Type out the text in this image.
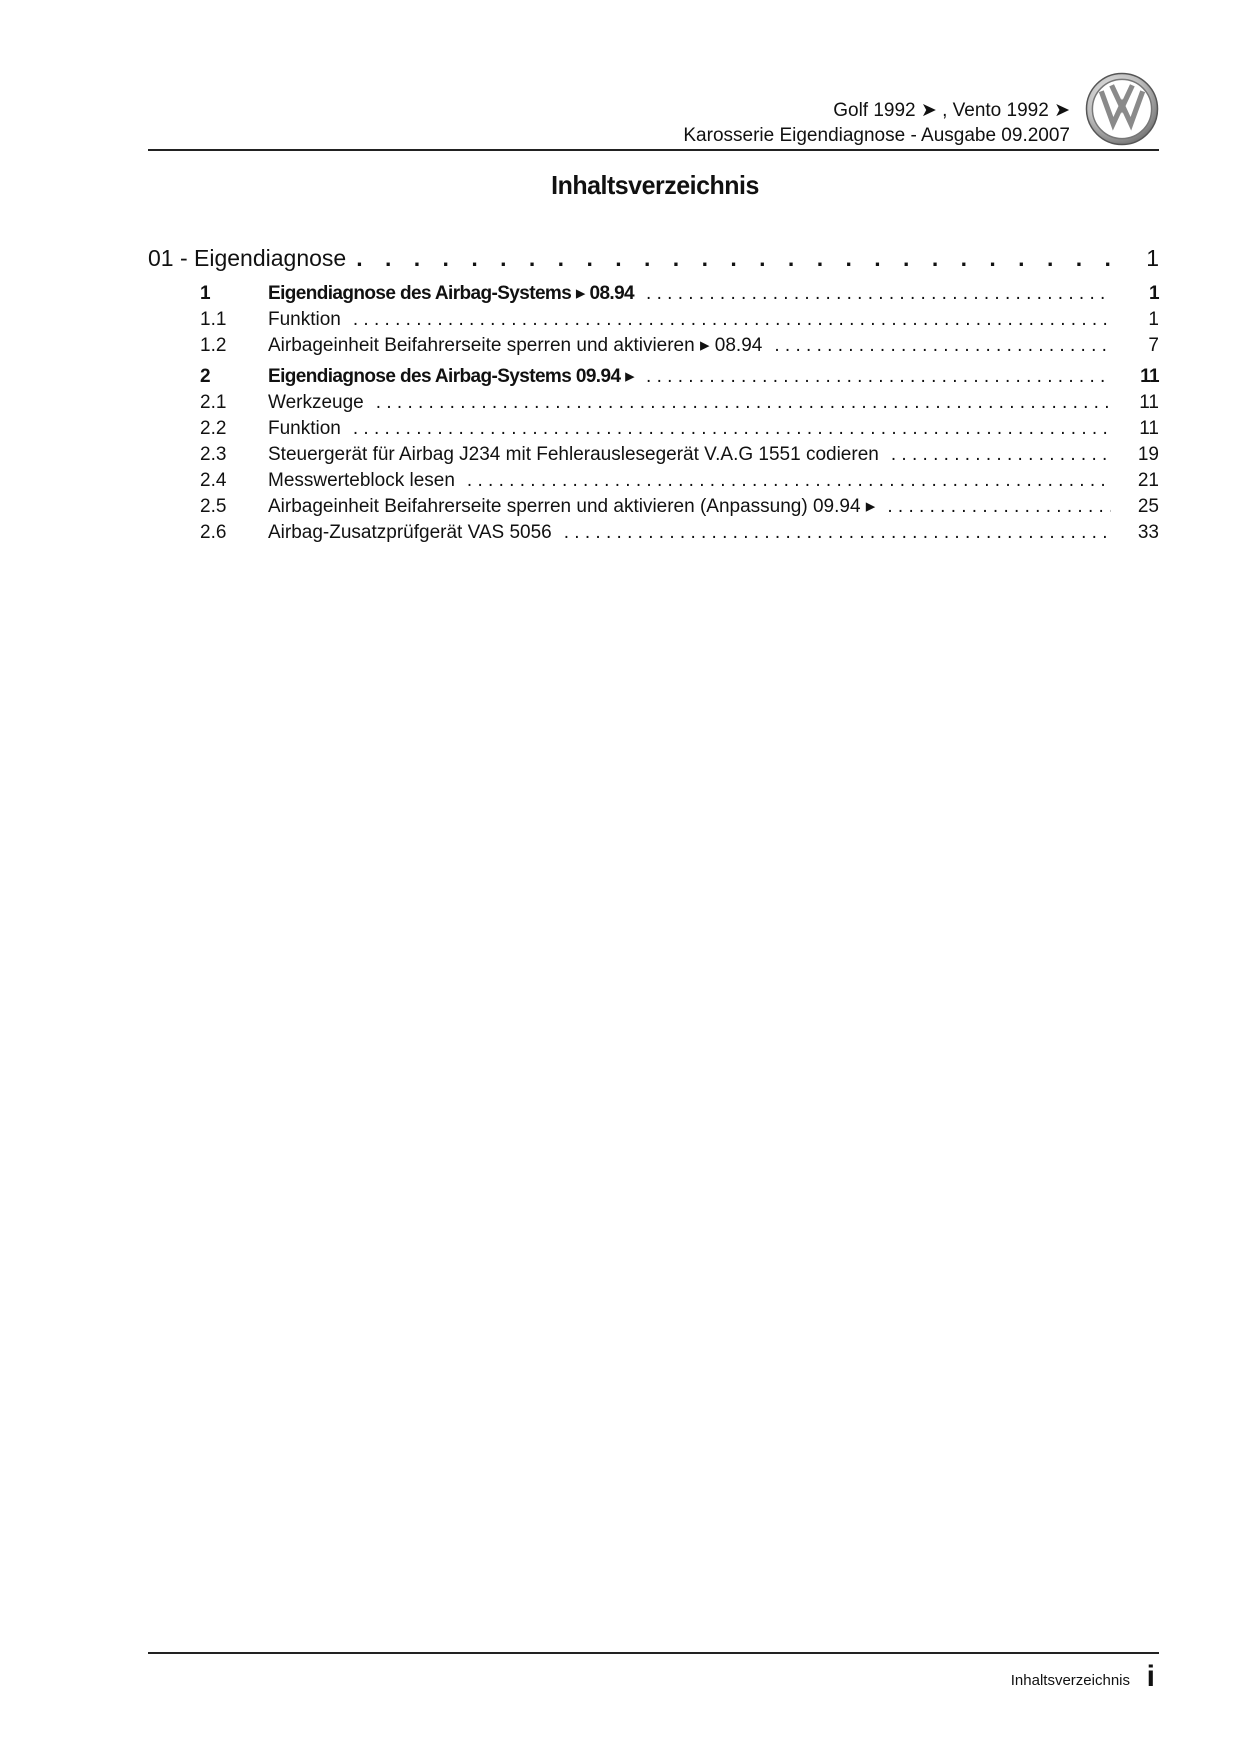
Golf 1992 ➤ , Vento 1992 ➤
Karosserie Eigendiagnose - Ausgabe 09.2007
Inhaltsverzeichnis
01 - Eigendiagnose . . .	1
1	Eigendiagnose des Airbag-Systems ▸ 08.94 . . .	1
1.1	Funktion . . .	1
1.2	Airbageinheit Beifahrerseite sperren und aktivieren ▸ 08.94 . . .	7
2	Eigendiagnose des Airbag-Systems 09.94 ▸ . . .	11
2.1	Werkzeuge . . .	11
2.2	Funktion . . .	11
2.3	Steuergerät für Airbag J234 mit Fehlerauslesegerät V.A.G 1551 codieren . . .	19
2.4	Messwerteblock lesen . . .	21
2.5	Airbageinheit Beifahrerseite sperren und aktivieren (Anpassung) 09.94 ▸ . . .	25
2.6	Airbag-Zusatzprüfgerät VAS 5056 . . .	33
Inhaltsverzeichnis i
